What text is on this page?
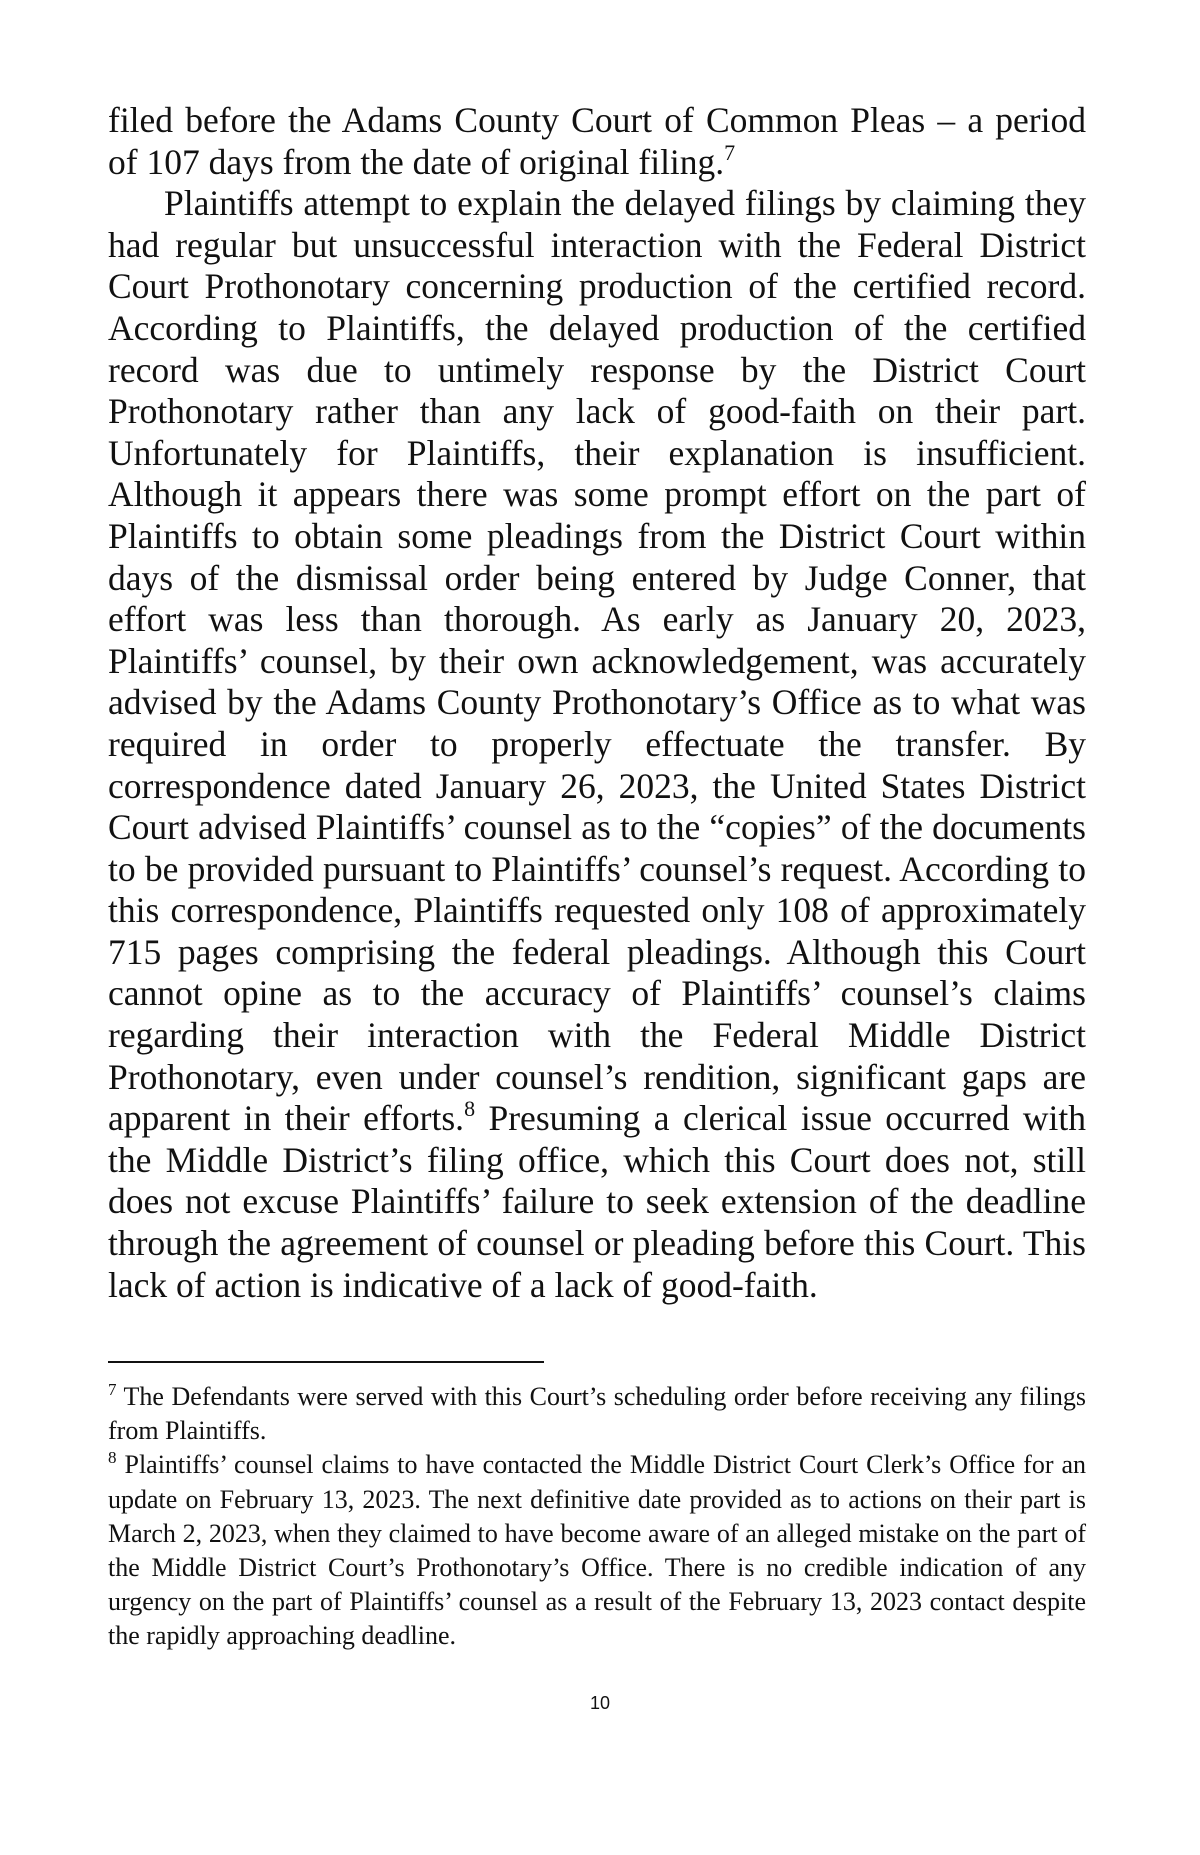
filed before the Adams County Court of Common Pleas – a period of 107 days from the date of original filing.$^7$

Plaintiffs attempt to explain the delayed filings by claiming they had regular but unsuccessful interaction with the Federal District Court Prothonotary concerning production of the certified record. According to Plaintiffs, the delayed production of the certified record was due to untimely response by the District Court Prothonotary rather than any lack of good-faith on their part. Unfortunately for Plaintiffs, their explanation is insufficient. Although it appears there was some prompt effort on the part of Plaintiffs to obtain some pleadings from the District Court within days of the dismissal order being entered by Judge Conner, that effort was less than thorough. As early as January 20, 2023, Plaintiffs’ counsel, by their own acknowledgement, was accurately advised by the Adams County Prothonotary’s Office as to what was required in order to properly effectuate the transfer. By correspondence dated January 26, 2023, the United States District Court advised Plaintiffs’ counsel as to the “copies” of the documents to be provided pursuant to Plaintiffs’ counsel’s request. According to this correspondence, Plaintiffs requested only 108 of approximately 715 pages comprising the federal pleadings. Although this Court cannot opine as to the accuracy of Plaintiffs’ counsel’s claims regarding their interaction with the Federal Middle District Prothonotary, even under counsel’s rendition, significant gaps are apparent in their efforts.$^8$ Presuming a clerical issue occurred with the Middle District’s filing office, which this Court does not, still does not excuse Plaintiffs’ failure to seek extension of the deadline through the agreement of counsel or pleading before this Court. This lack of action is indicative of a lack of good-faith.

$^7$ The Defendants were served with this Court’s scheduling order before receiving any filings from Plaintiffs.

$^8$ Plaintiffs’ counsel claims to have contacted the Middle District Court Clerk’s Office for an update on February 13, 2023. The next definitive date provided as to actions on their part is March 2, 2023, when they claimed to have become aware of an alleged mistake on the part of the Middle District Court’s Prothonotary’s Office. There is no credible indication of any urgency on the part of Plaintiffs’ counsel as a result of the February 13, 2023 contact despite the rapidly approaching deadline.

10
